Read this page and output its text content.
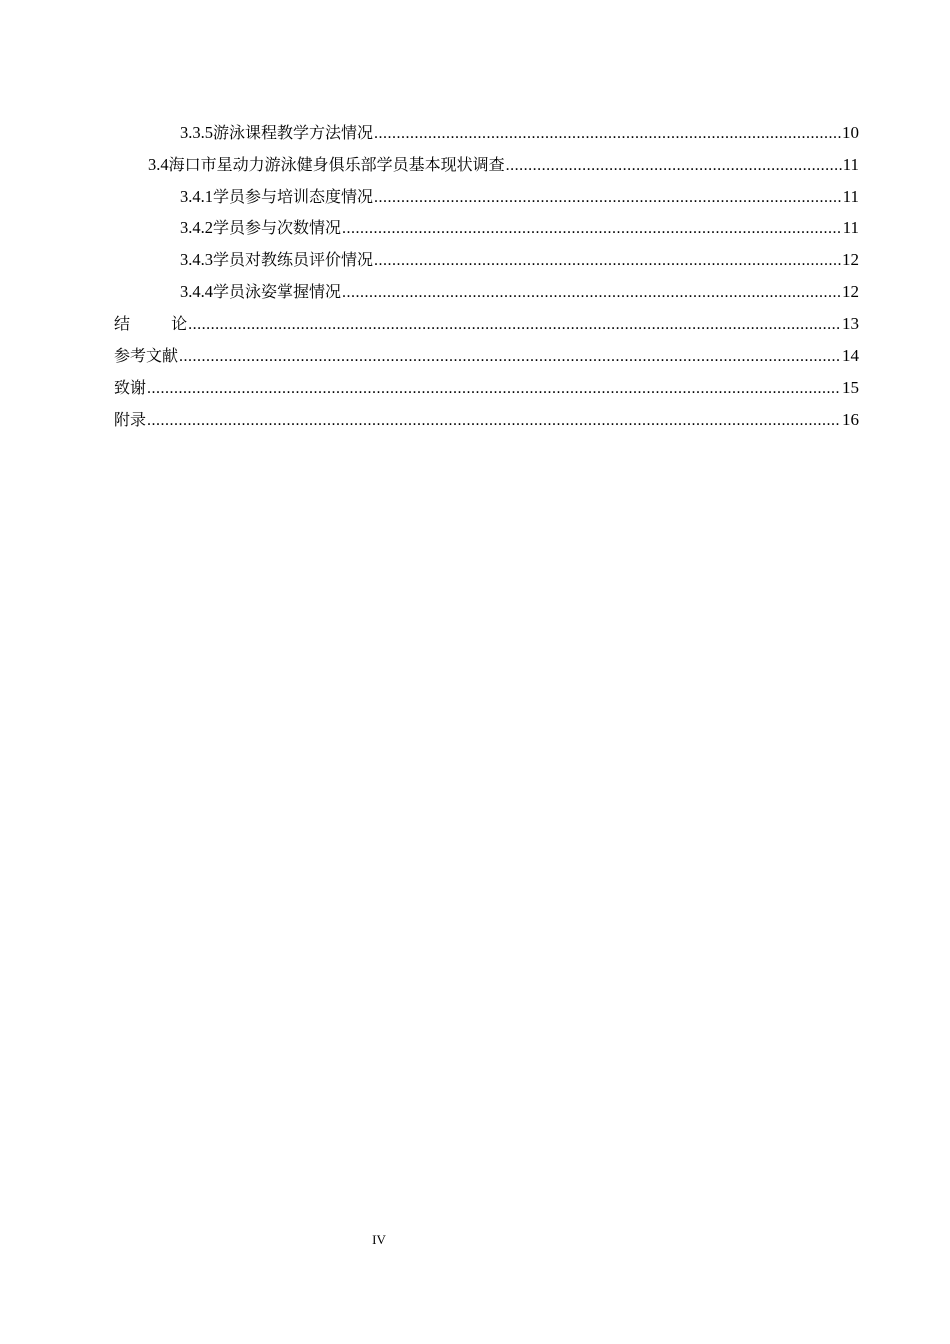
3.3.5 游泳课程教学方法情况 .....	10
3.4 海口市星动力游泳健身俱乐部学员基本现状调查 .....	11
3.4.1 学员参与培训态度情况 .....	11
3.4.2 学员参与次数情况 .....	11
3.4.3 学员对教练员评价情况 .....	12
3.4.4 学员泳姿掌握情况 .....	12
结 论 .....	13
参考文献 .....	14
致谢 .....	15
附录 .....	16
IV
